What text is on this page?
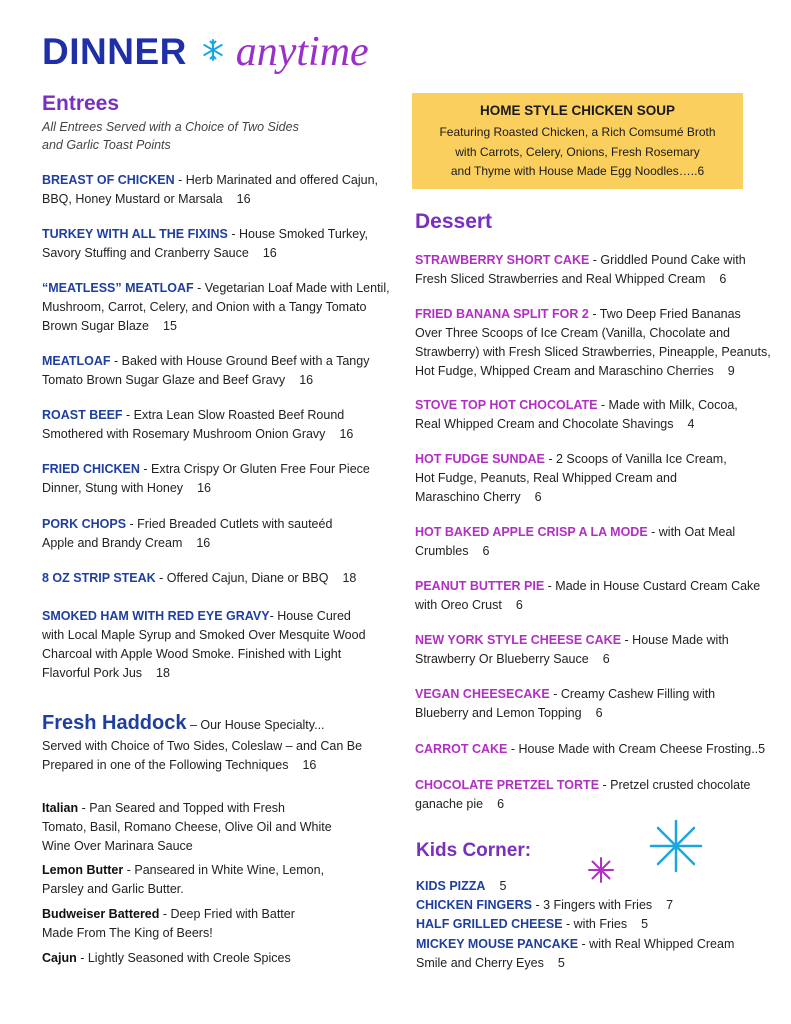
DINNER anytime
Entrees
All Entrees Served with a Choice of Two Sides
and Garlic Toast Points
BREAST OF CHICKEN - Herb Marinated and offered Cajun,
BBQ, Honey Mustard or Marsala 16
TURKEY WITH ALL THE FIXINS - House Smoked Turkey,
Savory Stuffing and Cranberry Sauce 16
“MEATLESS” MEATLOAF - Vegetarian Loaf Made with Lentil,
Mushroom, Carrot, Celery, and Onion with a Tangy Tomato
Brown Sugar Blaze 15
MEATLOAF - Baked with House Ground Beef with a Tangy
Tomato Brown Sugar Glaze and Beef Gravy 16
ROAST BEEF - Extra Lean Slow Roasted Beef Round
Smothered with Rosemary Mushroom Onion Gravy 16
FRIED CHICKEN - Extra Crispy Or Gluten Free Four Piece
Dinner, Stung with Honey 16
PORK CHOPS - Fried Breaded Cutlets with sauteéd
Apple and Brandy Cream 16
8 OZ STRIP STEAK - Offered Cajun, Diane or BBQ 18
SMOKED HAM WITH RED EYE GRAVY- House Cured
with Local Maple Syrup and Smoked Over Mesquite Wood
Charcoal with Apple Wood Smoke. Finished with Light
Flavorful Pork Jus 18
Fresh Haddock – Our House Specialty...
Served with Choice of Two Sides, Coleslaw – and Can Be
Prepared in one of the Following Techniques 16
Italian - Pan Seared and Topped with Fresh
Tomato, Basil, Romano Cheese, Olive Oil and White
Wine Over Marinara Sauce
Lemon Butter - Panseared in White Wine, Lemon,
Parsley and Garlic Butter.
Budweiser Battered - Deep Fried with Batter
Made From The King of Beers!
Cajun - Lightly Seasoned with Creole Spices
HOME STYLE CHICKEN SOUP
Featuring Roasted Chicken, a Rich Comsumé Broth
with Carrots, Celery, Onions, Fresh Rosemary
and Thyme with House Made Egg Noodles…..6
Dessert
STRAWBERRY SHORT CAKE - Griddled Pound Cake with
Fresh Sliced Strawberries and Real Whipped Cream 6
FRIED BANANA SPLIT FOR 2 - Two Deep Fried Bananas
Over Three Scoops of Ice Cream (Vanilla, Chocolate and
Strawberry) with Fresh Sliced Strawberries, Pineapple, Peanuts,
Hot Fudge, Whipped Cream and Maraschino Cherries 9
STOVE TOP HOT CHOCOLATE - Made with Milk, Cocoa,
Real Whipped Cream and Chocolate Shavings 4
HOT FUDGE SUNDAE - 2 Scoops of Vanilla Ice Cream,
Hot Fudge, Peanuts, Real Whipped Cream and
Maraschino Cherry 6
HOT BAKED APPLE CRISP A LA MODE - with Oat Meal
Crumbles 6
PEANUT BUTTER PIE - Made in House Custard Cream Cake
with Oreo Crust 6
NEW YORK STYLE CHEESE CAKE - House Made with
Strawberry Or Blueberry Sauce 6
VEGAN CHEESECAKE - Creamy Cashew Filling with
Blueberry and Lemon Topping 6
CARROT CAKE - House Made with Cream Cheese Frosting..5
CHOCOLATE PRETZEL TORTE - Pretzel crusted chocolate
ganache pie 6
Kids Corner:
KIDS PIZZA 5
CHICKEN FINGERS - 3 Fingers with Fries 7
HALF GRILLED CHEESE - with Fries 5
MICKEY MOUSE PANCAKE - with Real Whipped Cream
Smile and Cherry Eyes 5
